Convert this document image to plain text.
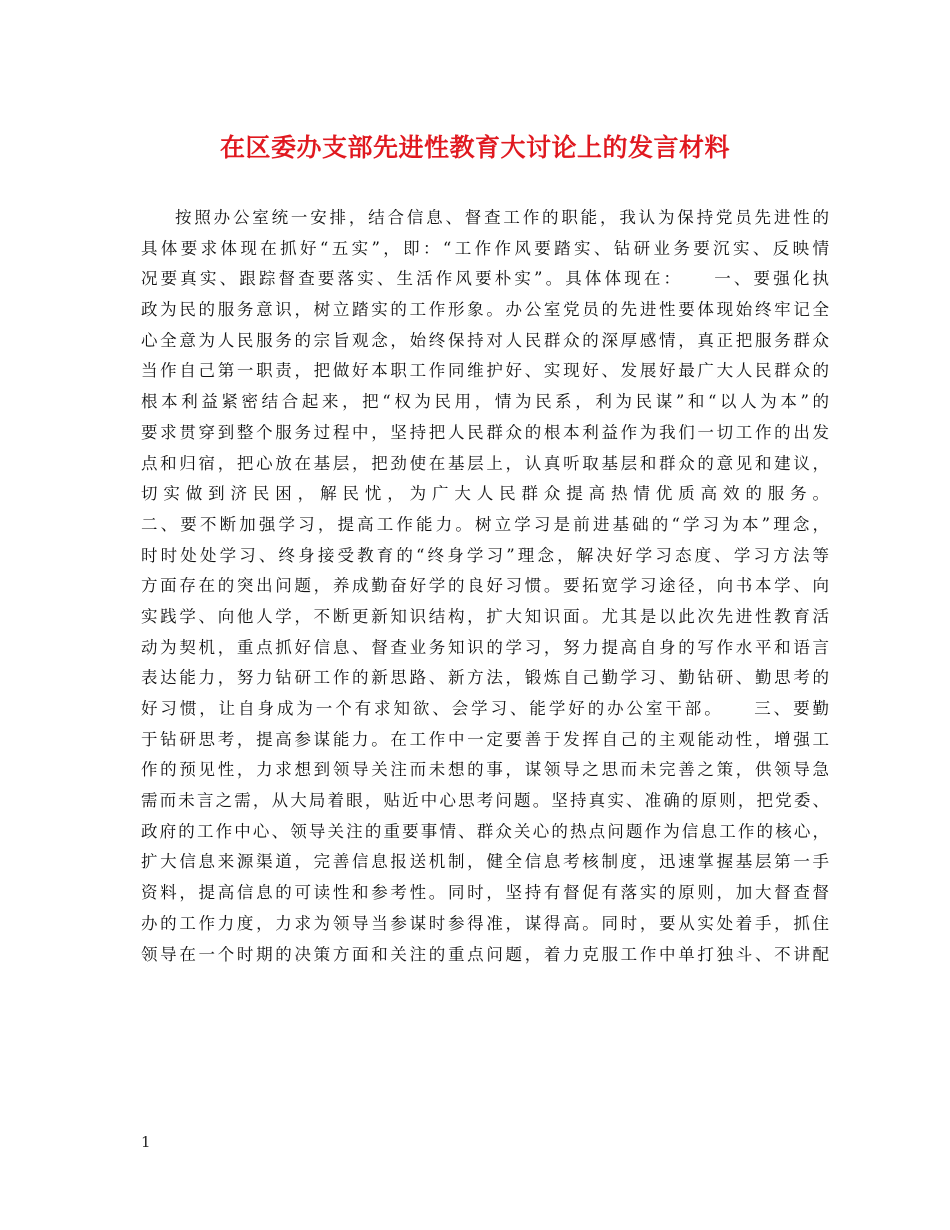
在区委办支部先进性教育大讨论上的发言材料
按照办公室统一安排，结合信息、督查工作的职能，我认为保持党员先进性的
具体要求体现在抓好“五实”，即：“工作作风要踏实、钻研业务要沉实、反映情
况要真实、跟踪督查要落实、生活作风要朴实”。具体体现在：　　一、要强化执
政为民的服务意识，树立踏实的工作形象。办公室党员的先进性要体现始终牢记全
心全意为人民服务的宗旨观念，始终保持对人民群众的深厚感情，真正把服务群众
当作自己第一职责，把做好本职工作同维护好、实现好、发展好最广大人民群众的
根本利益紧密结合起来，把“权为民用，情为民系，利为民谋”和“以人为本”的
要求贯穿到整个服务过程中，坚持把人民群众的根本利益作为我们一切工作的出发
点和归宿，把心放在基层，把劲使在基层上，认真听取基层和群众的意见和建议，
切实做到济民困，解民忧，为广大人民群众提高热情优质高效的服务。
二、要不断加强学习，提高工作能力。树立学习是前进基础的“学习为本”理念，
时时处处学习、终身接受教育的“终身学习”理念，解决好学习态度、学习方法等
方面存在的突出问题，养成勤奋好学的良好习惯。要拓宽学习途径，向书本学、向
实践学、向他人学，不断更新知识结构，扩大知识面。尤其是以此次先进性教育活
动为契机，重点抓好信息、督查业务知识的学习，努力提高自身的写作水平和语言
表达能力，努力钻研工作的新思路、新方法，锻炼自己勤学习、勤钻研、勤思考的
好习惯，让自身成为一个有求知欲、会学习、能学好的办公室干部。　　三、要勤
于钻研思考，提高参谋能力。在工作中一定要善于发挥自己的主观能动性，增强工
作的预见性，力求想到领导关注而未想的事，谋领导之思而未完善之策，供领导急
需而未言之需，从大局着眼，贴近中心思考问题。坚持真实、准确的原则，把党委、
政府的工作中心、领导关注的重要事情、群众关心的热点问题作为信息工作的核心，
扩大信息来源渠道，完善信息报送机制，健全信息考核制度，迅速掌握基层第一手
资料，提高信息的可读性和参考性。同时，坚持有督促有落实的原则，加大督查督
办的工作力度，力求为领导当参谋时参得准，谋得高。同时，要从实处着手，抓住
领导在一个时期的决策方面和关注的重点问题，着力克服工作中单打独斗、不讲配
1
